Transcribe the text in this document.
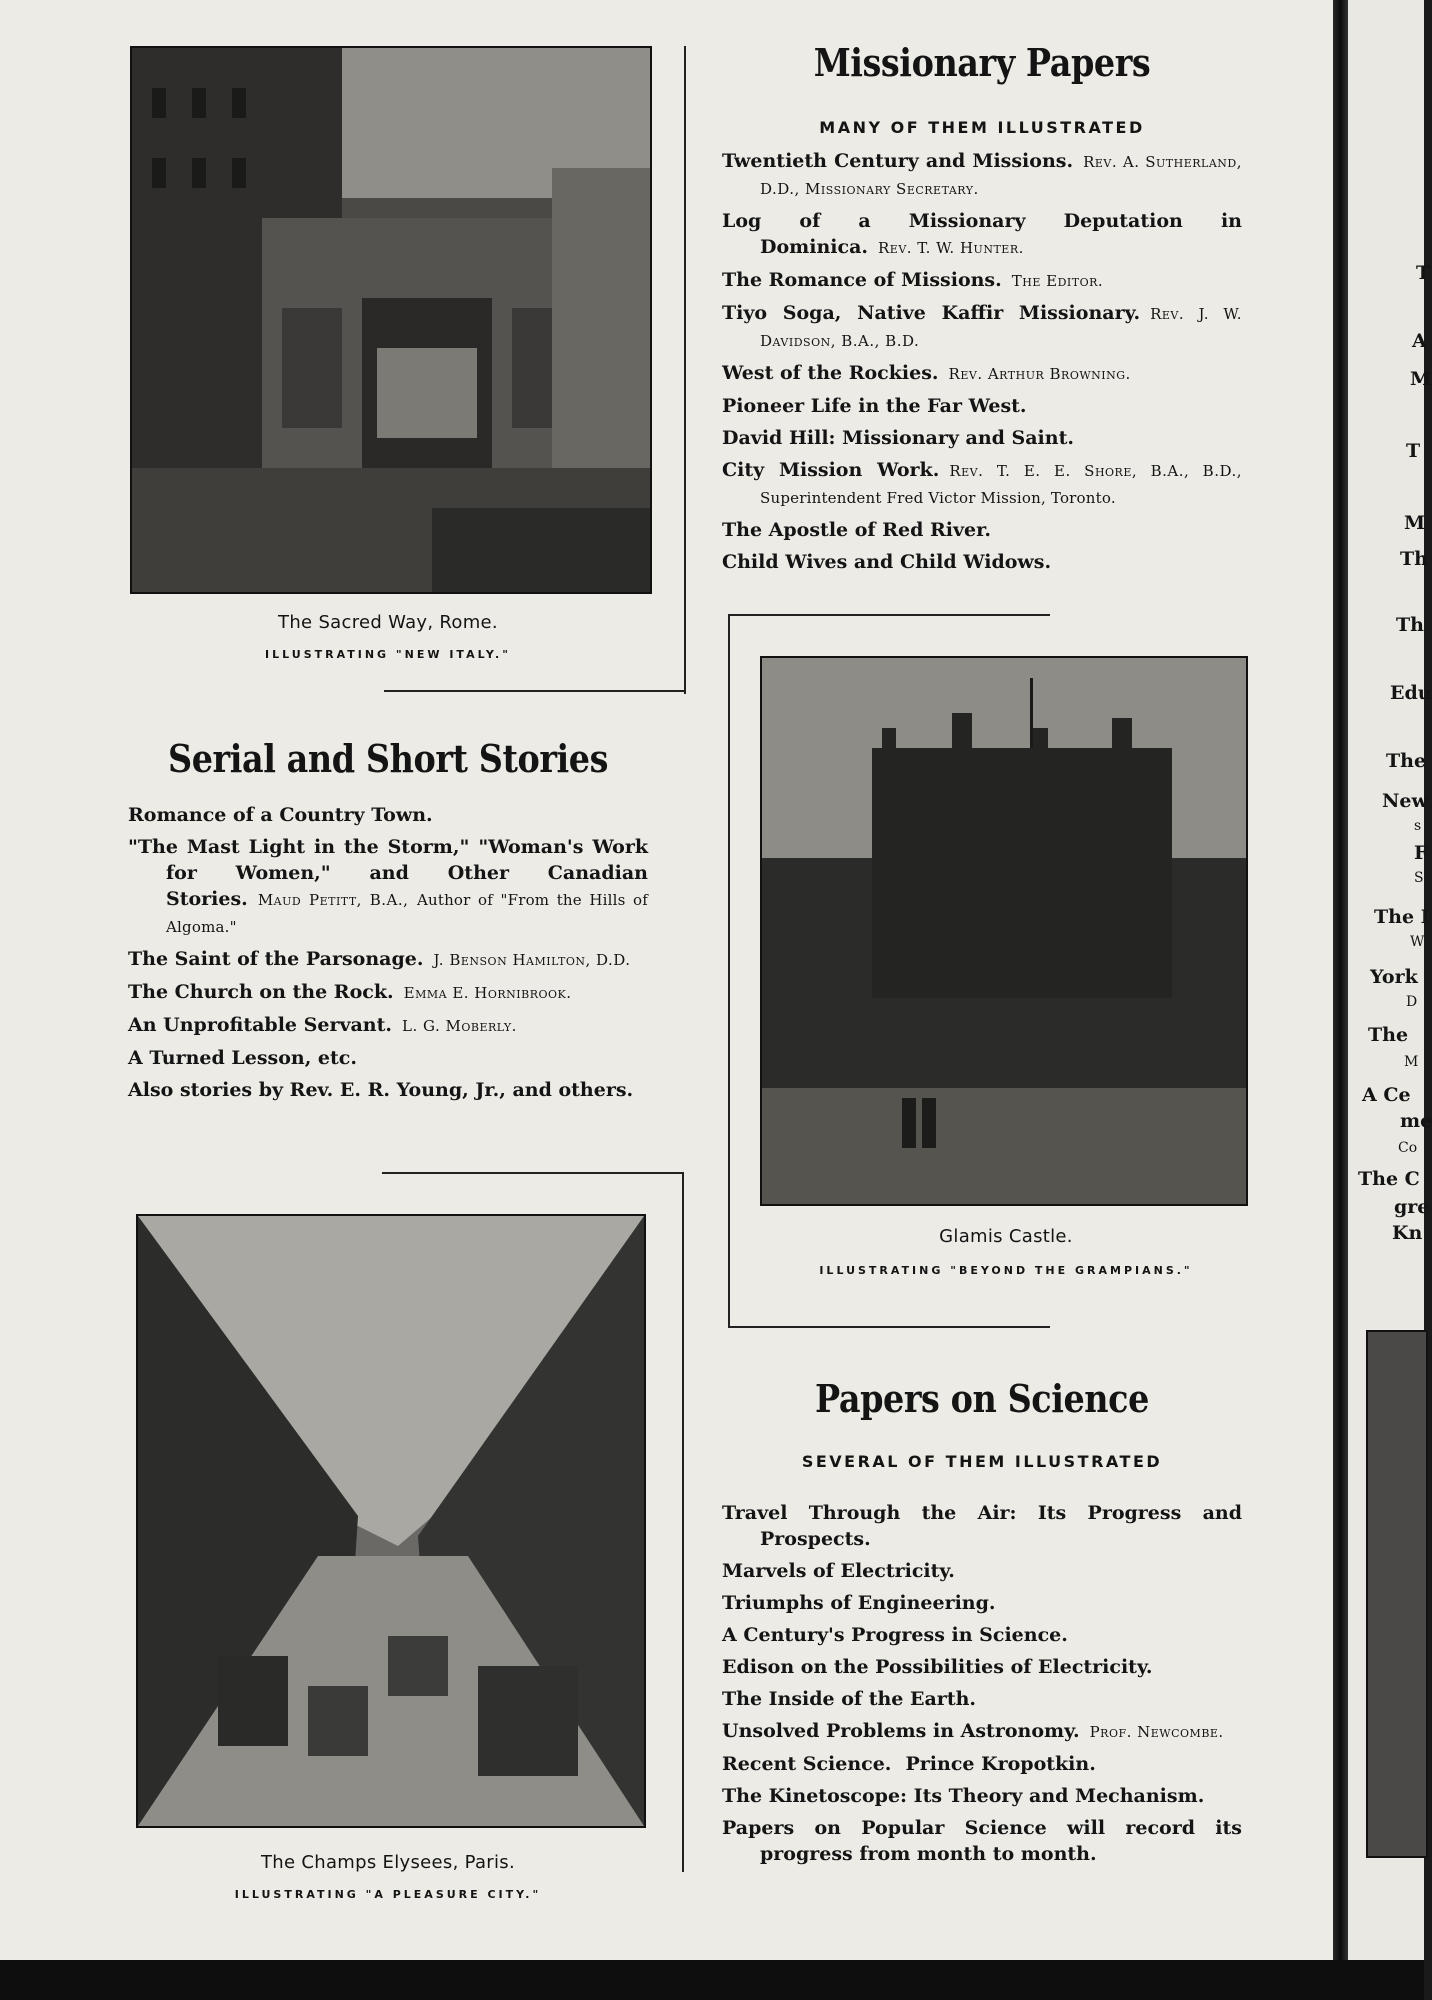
The Sacred Way, Rome.
ILLUSTRATING "NEW ITALY."
Serial and Short Stories
Romance of a Country Town.
"The Mast Light in the Storm," "Woman's Work for Women," and Other Canadian Stories. Maud Petitt, B.A., Author of "From the Hills of Algoma."
The Saint of the Parsonage. J. Benson Hamilton, D.D.
The Church on the Rock. Emma E. Hornibrook.
An Unprofitable Servant. L. G. Moberly.
A Turned Lesson, etc.
Also stories by Rev. E. R. Young, Jr., and others.
The Champs Elysees, Paris.
ILLUSTRATING "A PLEASURE CITY."
Missionary Papers
MANY OF THEM ILLUSTRATED
Twentieth Century and Missions. Rev. A. Sutherland, D.D., Missionary Secretary.
Log of a Missionary Deputation in Dominica. Rev. T. W. Hunter.
The Romance of Missions. The Editor.
Tiyo Soga, Native Kaffir Missionary. Rev. J. W. Davidson, B.A., B.D.
West of the Rockies. Rev. Arthur Browning.
Pioneer Life in the Far West.
David Hill: Missionary and Saint.
City Mission Work. Rev. T. E. E. Shore, B.A., B.D., Superintendent Fred Victor Mission, Toronto.
The Apostle of Red River.
Child Wives and Child Widows.
Glamis Castle.
ILLUSTRATING "BEYOND THE GRAMPIANS."
Papers on Science
SEVERAL OF THEM ILLUSTRATED
Travel Through the Air: Its Progress and Prospects.
Marvels of Electricity.
Triumphs of Engineering.
A Century's Progress in Science.
Edison on the Possibilities of Electricity.
The Inside of the Earth.
Unsolved Problems in Astronomy. Prof. Newcombe.
Recent Science. Prince Kropotkin.
The Kinetoscope: Its Theory and Mechanism.
Papers on Popular Science will record its progress from month to month.
T
A
M
T
M
Th
Th
Edu
The
New
s
F
S
The I
W
York
D
The
M
A Ce
me
Co
The C
gre
Kn
